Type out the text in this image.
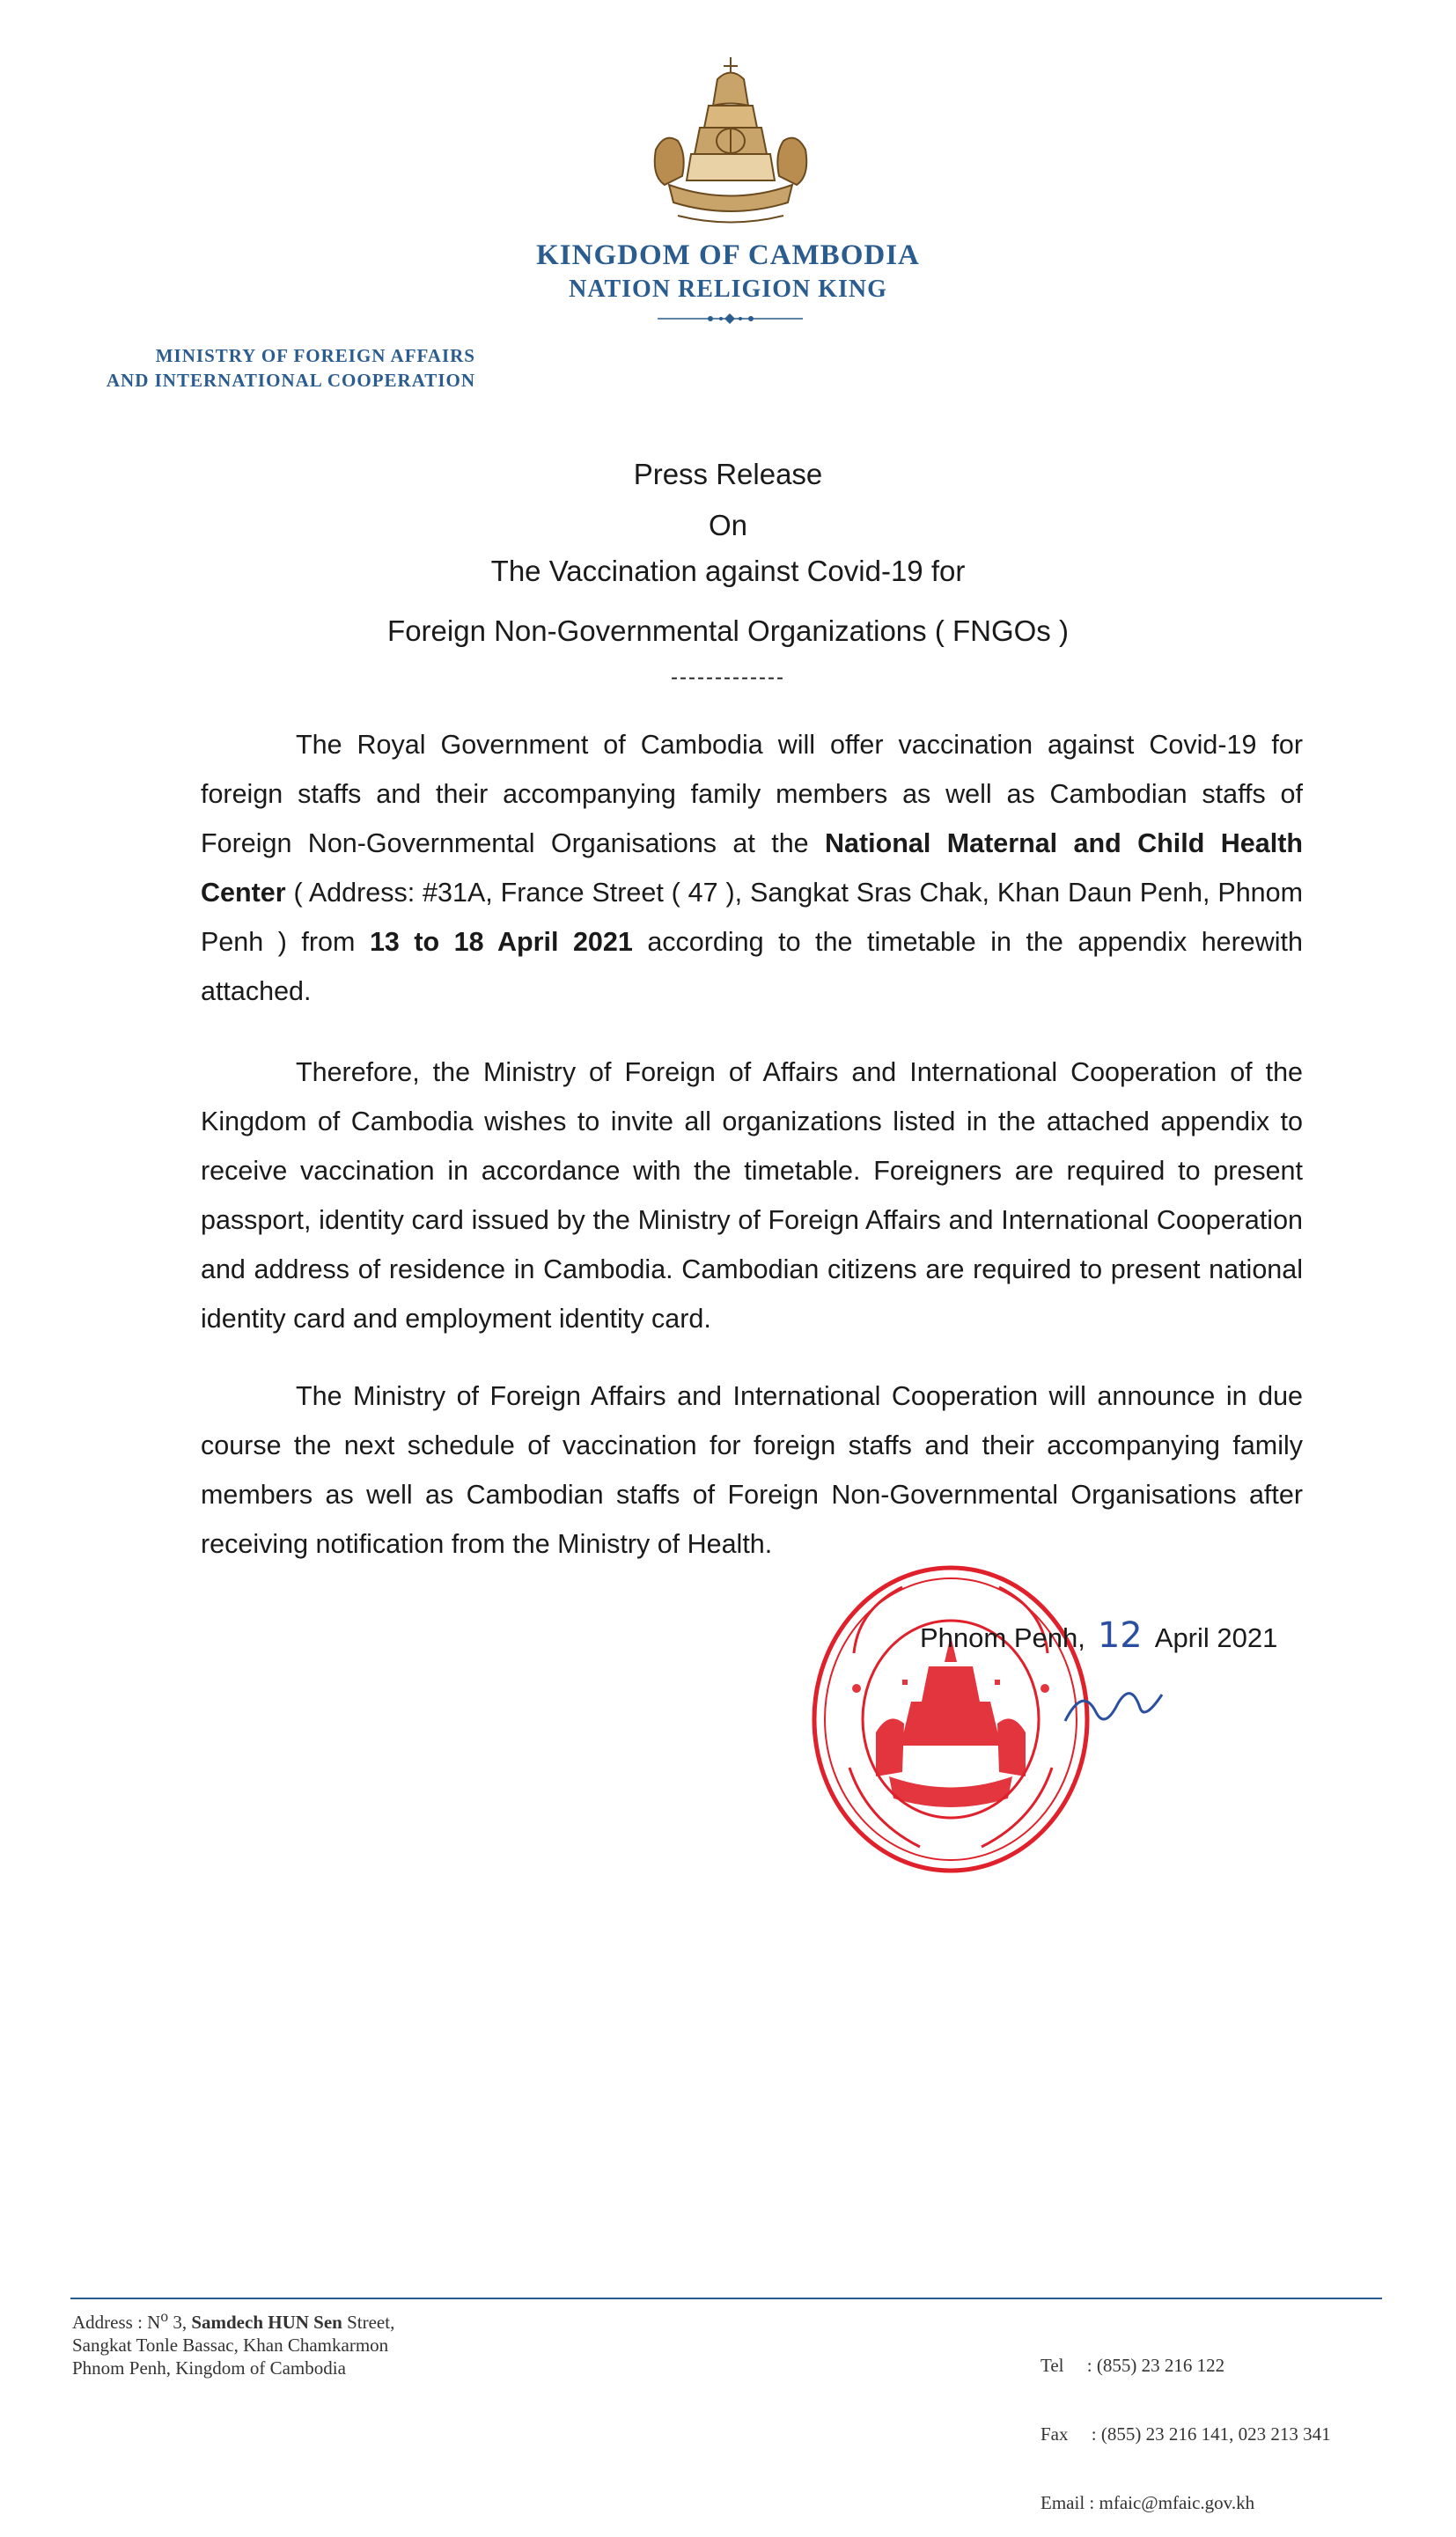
KINGDOM OF CAMBODIA
NATION RELIGION KING
MINISTRY OF FOREIGN AFFAIRS
AND INTERNATIONAL COOPERATION
Press Release
On
The Vaccination against Covid-19 for
Foreign Non-Governmental Organizations ( FNGOs )
-------------

The Royal Government of Cambodia will offer vaccination against Covid-19 for foreign staffs and their accompanying family members as well as Cambodian staffs of Foreign Non-Governmental Organisations at the National Maternal and Child Health Center ( Address: #31A, France Street ( 47 ), Sangkat Sras Chak, Khan Daun Penh, Phnom Penh ) from 13 to 18 April 2021 according to the timetable in the appendix herewith attached.

Therefore, the Ministry of Foreign of Affairs and International Cooperation of the Kingdom of Cambodia wishes to invite all organizations listed in the attached appendix to receive vaccination in accordance with the timetable. Foreigners are required to present passport, identity card issued by the Ministry of Foreign Affairs and International Cooperation and address of residence in Cambodia. Cambodian citizens are required to present national identity card and employment identity card.

The Ministry of Foreign Affairs and International Cooperation will announce in due course the next schedule of vaccination for foreign staffs and their accompanying family members as well as Cambodian staffs of Foreign Non-Governmental Organisations after receiving notification from the Ministry of Health.

Phnom Penh, 12 April 2021
Address : $N^o$ 3, Samdech HUN Sen Street,
Sangkat Tonle Bassac, Khan Chamkarmon
Phnom Penh, Kingdom of Cambodia

	Tel     : (855) 23 216 122

Fax     : (855) 23 216 141, 023 213 341

Email : mfaic@mfaic.gov.kh
